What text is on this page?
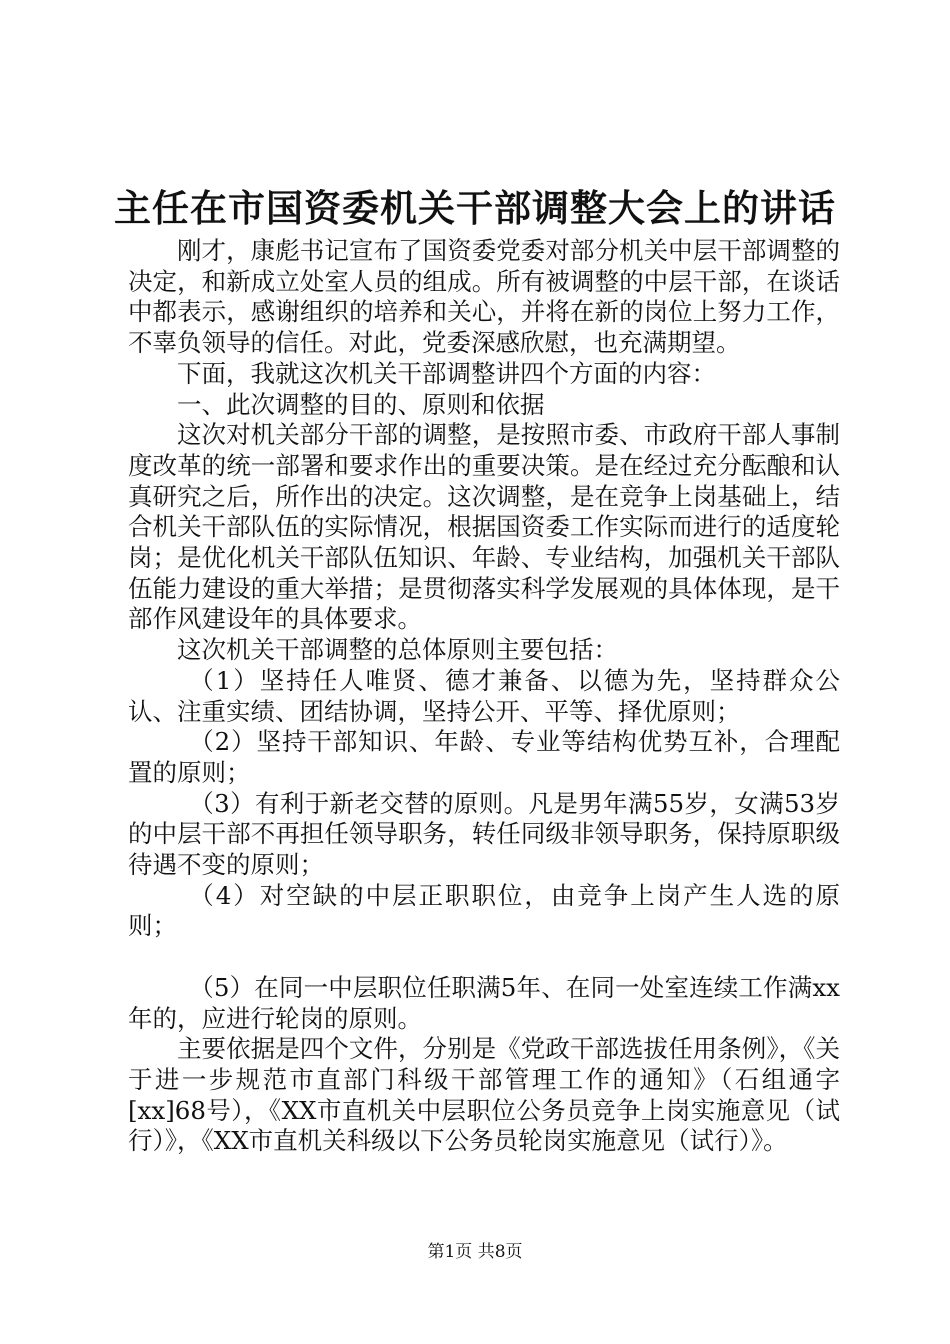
主任在市国资委机关干部调整大会上的讲话

刚才，康彪书记宣布了国资委党委对部分机关中层干部调整的决定，和新成立处室人员的组成。所有被调整的中层干部，在谈话中都表示，感谢组织的培养和关心，并将在新的岗位上努力工作，不辜负领导的信任。对此，党委深感欣慰，也充满期望。

下面，我就这次机关干部调整讲四个方面的内容：

一、此次调整的目的、原则和依据

这次对机关部分干部的调整，是按照市委、市政府干部人事制度改革的统一部署和要求作出的重要决策。是在经过充分酝酿和认真研究之后，所作出的决定。这次调整，是在竞争上岗基础上，结合机关干部队伍的实际情况，根据国资委工作实际而进行的适度轮岗；是优化机关干部队伍知识、年龄、专业结构，加强机关干部队伍能力建设的重大举措；是贯彻落实科学发展观的具体体现，是干部作风建设年的具体要求。

这次机关干部调整的总体原则主要包括：

（1）坚持任人唯贤、德才兼备、以德为先，坚持群众公认、注重实绩、团结协调，坚持公开、平等、择优原则；

（2）坚持干部知识、年龄、专业等结构优势互补，合理配置的原则；

（3）有利于新老交替的原则。凡是男年满55岁，女满53岁的中层干部不再担任领导职务，转任同级非领导职务，保持原职级待遇不变的原则；

（4）对空缺的中层正职职位，由竞争上岗产生人选的原则；

（5）在同一中层职位任职满5年、在同一处室连续工作满xx年的，应进行轮岗的原则。

主要依据是四个文件，分别是《党政干部选拔任用条例》，《关于进一步规范市直部门科级干部管理工作的通知》（石组通字[xx]68号），《XX市直机关中层职位公务员竞争上岗实施意见（试行）》，《XX市直机关科级以下公务员轮岗实施意见（试行）》。

第1页 共8页
